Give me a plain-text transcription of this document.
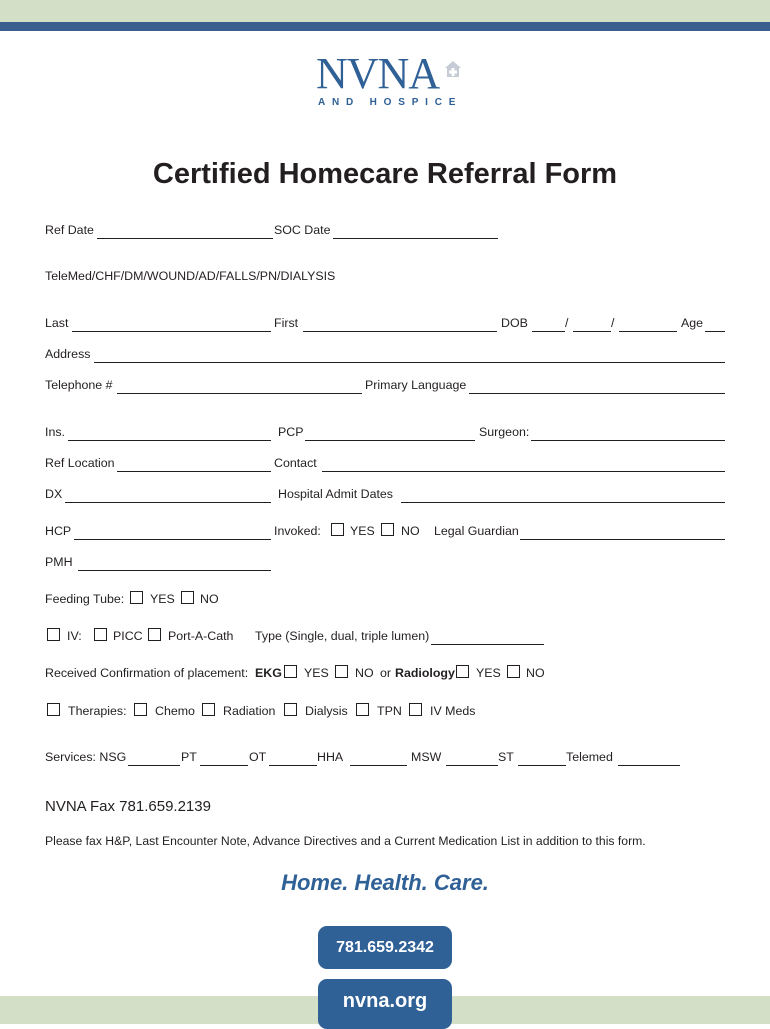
NVNA
AND HOSPICE
Certified Homecare Referral Form
Ref Date	SOC Date
TeleMed/CHF/DM/WOUND/AD/FALLS/PN/DIALYSIS
Last	First	DOB	/	/	Age
Address
Telephone #	Primary Language
Ins.	PCP	Surgeon:
Ref Location	Contact
DX	Hospital Admit Dates
HCP	Invoked: YES NO Legal Guardian
PMH
Feeding Tube: YES NO
IV:	PICC Port-A-Cath Type (Single, dual, triple lumen)
Received Confirmation of placement: EKG YES NO or Radiology YES NO
Therapies: Chemo Radiation Dialysis TPN IV Meds
Services: NSG	PT	OT	HHA	MSW	ST	Telemed
NVNA Fax 781.659.2139
Please fax H&P, Last Encounter Note, Advance Directives and a Current Medication List in addition to this form.
Home. Health. Care.
781.659.2342
nvna.org
